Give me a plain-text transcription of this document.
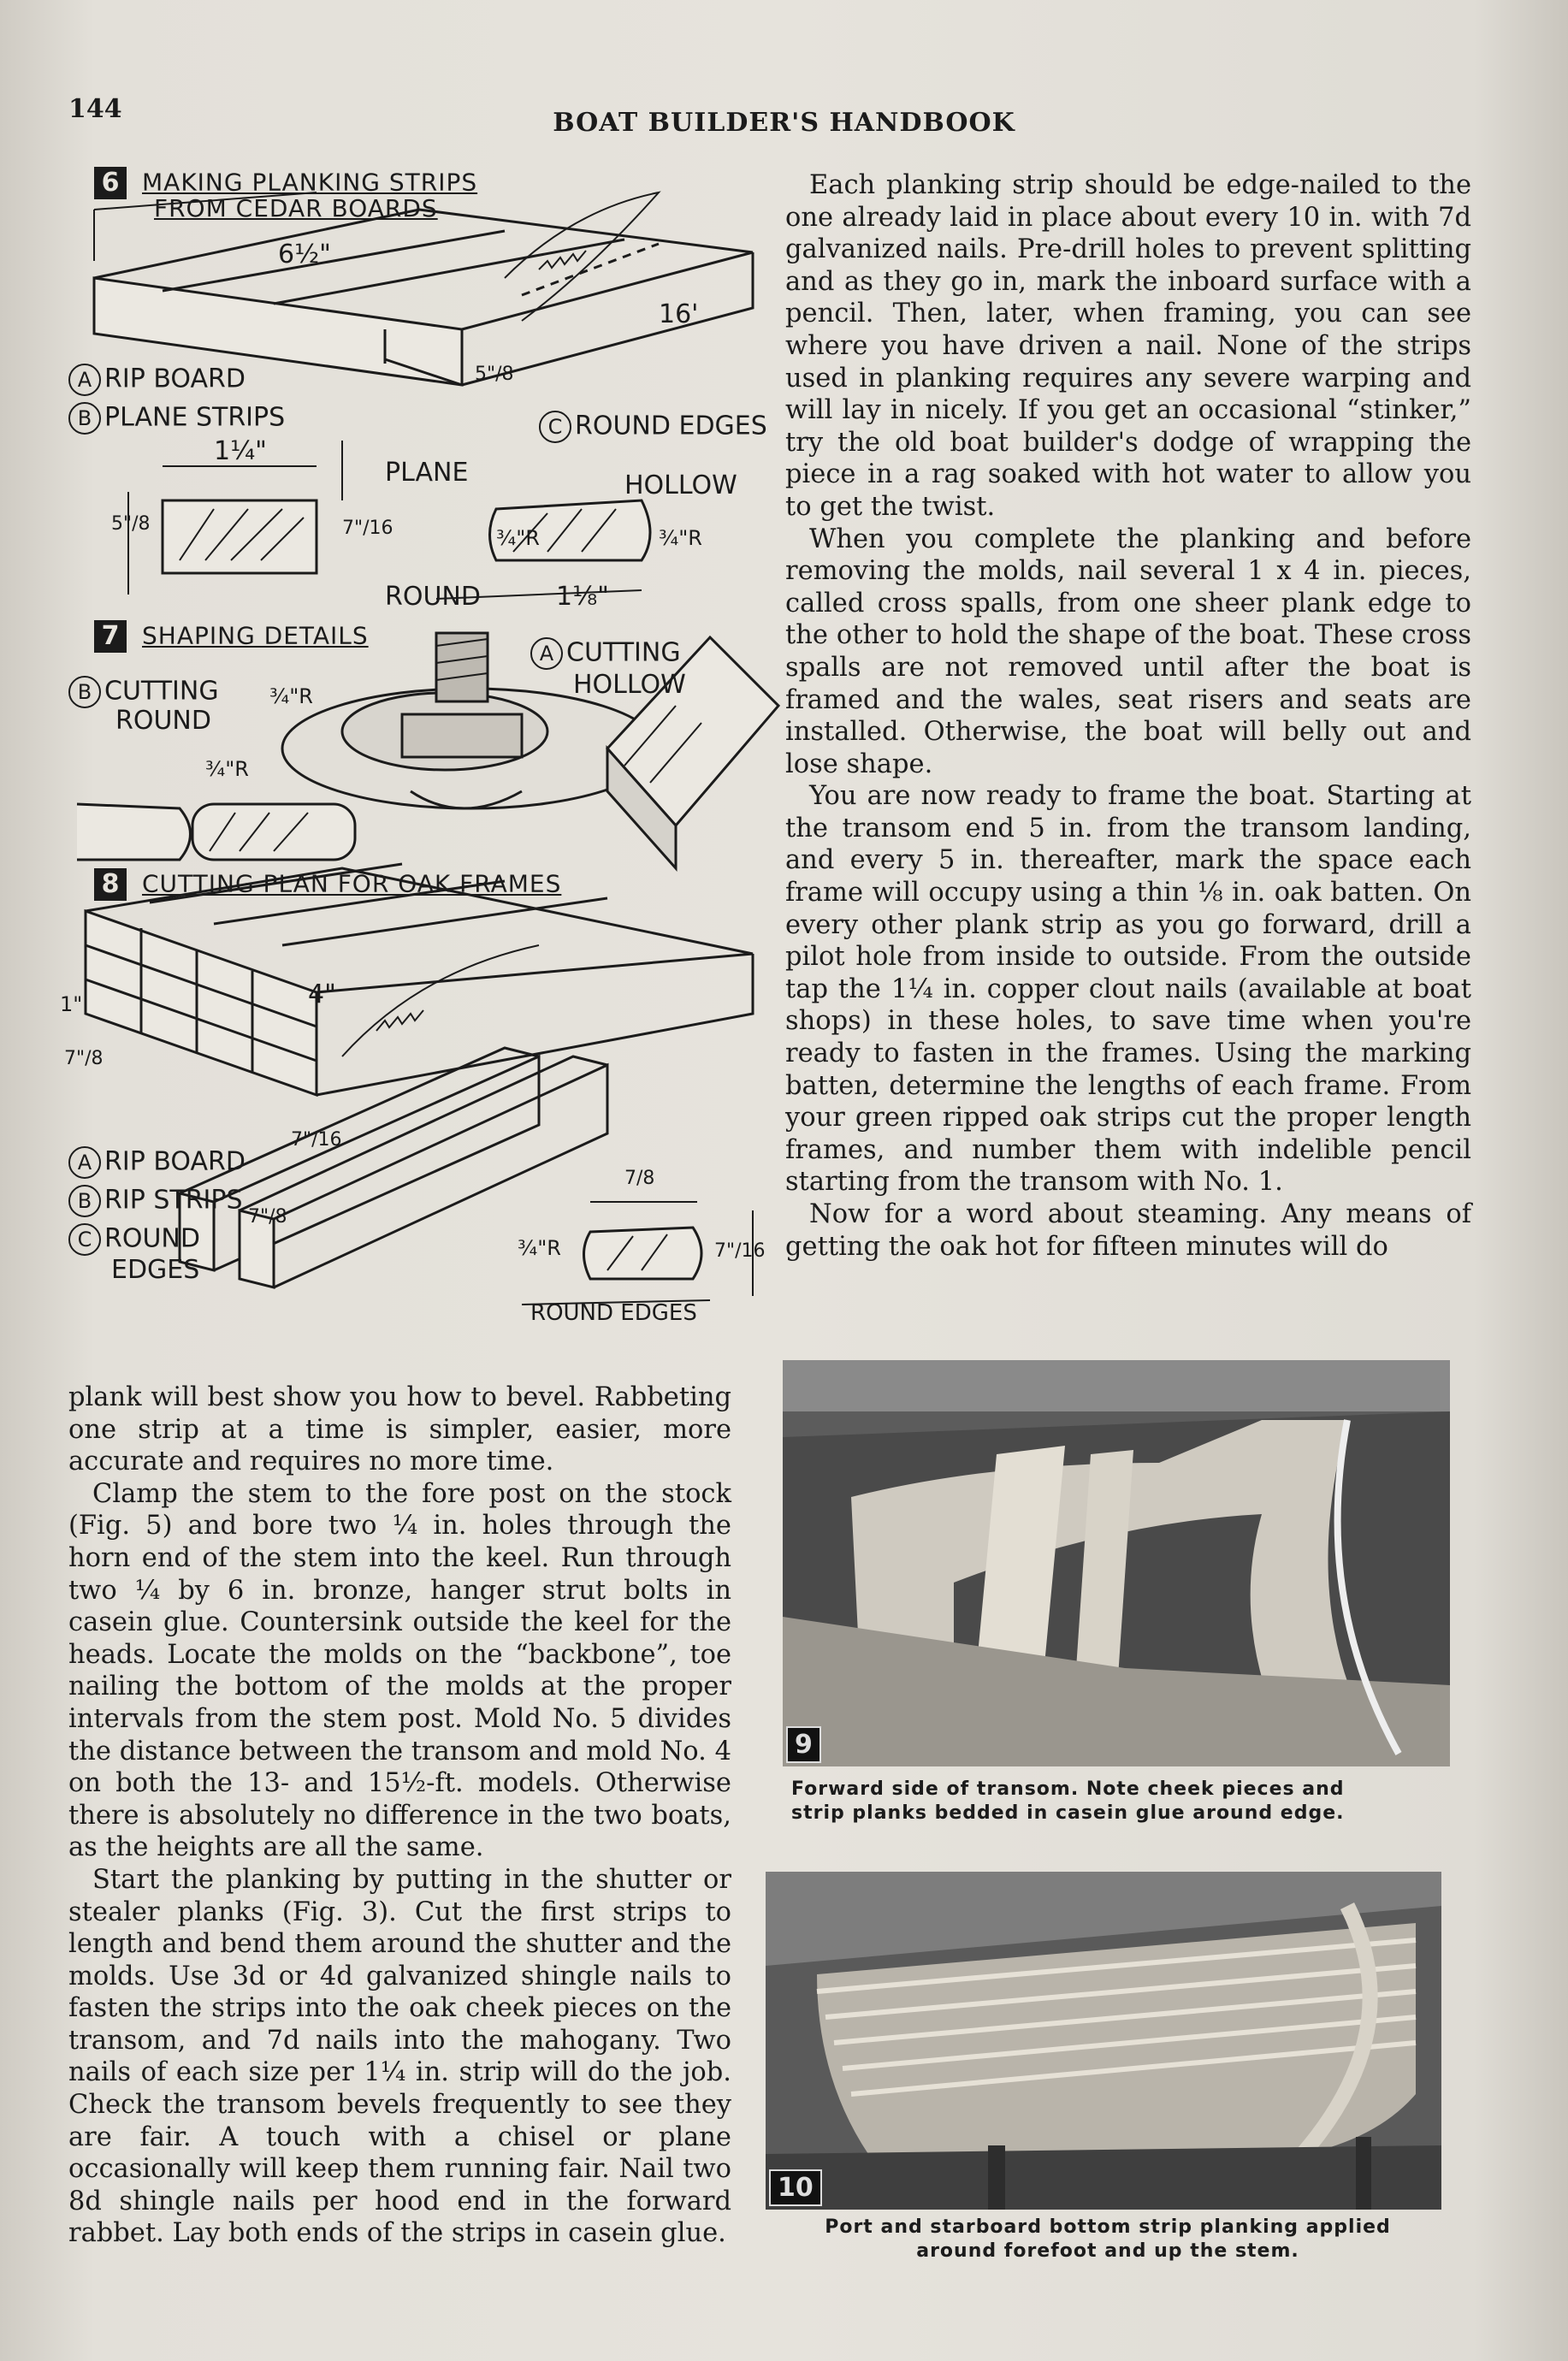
144	BOAT BUILDER'S HANDBOOK
6 MAKING PLANKING STRIPS
FROM CEDAR BOARDS
6½"
16'
5"/8
A RIP BOARD
B PLANE STRIPS	C ROUND EDGES
1¼"
PLANE	HOLLOW
5"/8	7"/16	¾"R	¾"R
ROUND	1⅛"
7 SHAPING DETAILS
A CUTTING
HOLLOW
B CUTTING
ROUND
¾"R
¾"R
8 CUTTING PLAN FOR OAK FRAMES
4"
1"
7"/8
7"/16
A RIP BOARD
B RIP STRIPS
C ROUND
EDGES
7"/8
7/8
¾"R	7"/16
ROUND EDGES

Each planking strip should be edge-nailed to the one already laid in place about every 10 in. with 7d galvanized nails. Pre-drill holes to prevent splitting and as they go in, mark the inboard surface with a pencil. Then, later, when framing, you can see where you have driven a nail. None of the strips used in planking requires any severe warping and will lay in nicely. If you get an occasional “stinker,” try the old boat builder's dodge of wrapping the piece in a rag soaked with hot water to allow you to get the twist.

When you complete the planking and before removing the molds, nail several 1 x 4 in. pieces, called cross spalls, from one sheer plank edge to the other to hold the shape of the boat. These cross spalls are not removed until after the boat is framed and the wales, seat risers and seats are installed. Otherwise, the boat will belly out and lose shape.

You are now ready to frame the boat. Starting at the transom end 5 in. from the transom landing, and every 5 in. thereafter, mark the space each frame will occupy using a thin ⅛ in. oak batten. On every other plank strip as you go forward, drill a pilot hole from inside to outside. From the outside tap the 1¼ in. copper clout nails (available at boat shops) in these holes, to save time when you're ready to fasten in the frames. Using the marking batten, determine the lengths of each frame. From your green ripped oak strips cut the proper length frames, and number them with indelible pencil starting from the transom with No. 1.

Now for a word about steaming. Any means of getting the oak hot for fifteen minutes will do

plank will best show you how to bevel. Rabbeting one strip at a time is simpler, easier, more accurate and requires no more time.

Clamp the stem to the fore post on the stock (Fig. 5) and bore two ¼ in. holes through the horn end of the stem into the keel. Run through two ¼ by 6 in. bronze, hanger strut bolts in casein glue. Countersink outside the keel for the heads. Locate the molds on the “backbone”, toe nailing the bottom of the molds at the proper intervals from the stem post. Mold No. 5 divides the distance between the transom and mold No. 4 on both the 13- and 15½-ft. models. Otherwise there is absolutely no difference in the two boats, as the heights are all the same.

Start the planking by putting in the shutter or stealer planks (Fig. 3). Cut the first strips to length and bend them around the shutter and the molds. Use 3d or 4d galvanized shingle nails to fasten the strips into the oak cheek pieces on the transom, and 7d nails into the mahogany. Two nails of each size per 1¼ in. strip will do the job. Check the transom bevels frequently to see they are fair. A touch with a chisel or plane occasionally will keep them running fair. Nail two 8d shingle nails per hood end in the forward rabbet. Lay both ends of the strips in casein glue.

9
Forward side of transom. Note cheek pieces and
strip planks bedded in casein glue around edge.
10
Port and starboard bottom strip planking applied
around forefoot and up the stem.
